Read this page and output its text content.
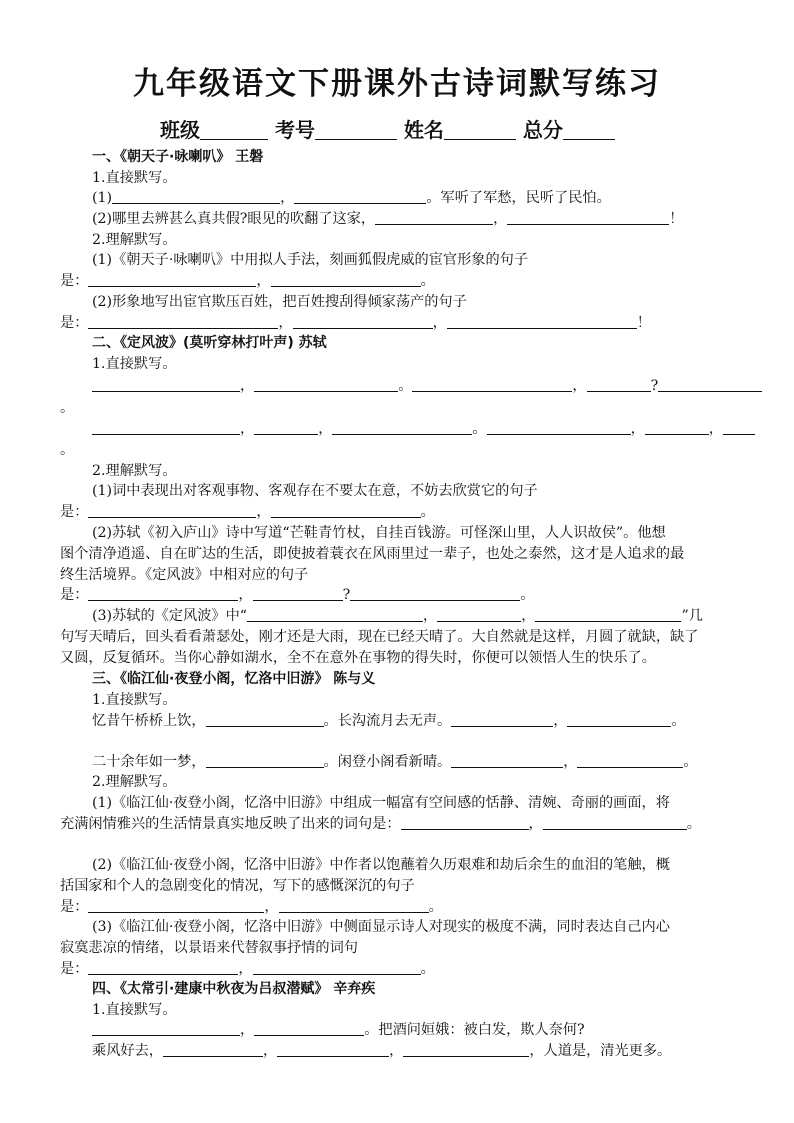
九年级语文下册课外古诗词默写练习
班级	考号	姓名	总分
一、《朝天子·咏喇叭》 王磐
1.直接默写。
(1)	，	。军听了军愁，民听了民怕。
(2)哪里去辨甚么真共假?眼见的吹翻了这家，	，	！
2.理解默写。
(1)《朝天子·咏喇叭》中用拟人手法，刻画狐假虎威的宦官形象的句子
是：	，	。
(2)形象地写出宦官欺压百姓，把百姓搜刮得倾家荡产的句子
是：	，	，	！
二、《定风波》(莫听穿林打叶声) 苏轼
1.直接默写。
，	。	，	?
。
，	，	。	，	，
。
2.理解默写。
(1)词中表现出对客观事物、客观存在不要太在意，不妨去欣赏它的句子
是：	，	。
(2)苏轼《初入庐山》诗中写道“芒鞋青竹杖，自挂百钱游。可怪深山里，人人识故侯”。他想
图个清净逍遥、自在旷达的生活，即使披着蓑衣在风雨里过一辈子，也处之泰然，这才是人追求的最
终生活境界。《定风波》中相对应的句子
是：	，	?	。
(3)苏轼的《定风波》中“	，	，	”几
句写天晴后，回头看看萧瑟处，刚才还是大雨，现在已经天晴了。大自然就是这样，月圆了就缺，缺了
又圆，反复循环。当你心静如湖水，全不在意外在事物的得失时，你便可以领悟人生的快乐了。
三、《临江仙·夜登小阁，忆洛中旧游》 陈与义
1.直接默写。
忆昔午桥桥上饮，	。长沟流月去无声。	，	。
二十余年如一梦，	。闲登小阁看新晴。	，	。
2.理解默写。
(1)《临江仙·夜登小阁，忆洛中旧游》中组成一幅富有空间感的恬静、清婉、奇丽的画面，将
充满闲情雅兴的生活情景真实地反映了出来的词句是：	，	。
(2)《临江仙·夜登小阁，忆洛中旧游》中作者以饱蘸着久历艰难和劫后余生的血泪的笔触，概
括国家和个人的急剧变化的情况，写下的感慨深沉的句子
是：	，	。
(3)《临江仙·夜登小阁，忆洛中旧游》中侧面显示诗人对现实的极度不满，同时表达自己内心
寂寞悲凉的情绪，以景语来代替叙事抒情的词句
是：	，	。
四、《太常引·建康中秋夜为吕叔潜赋》 辛弃疾
1.直接默写。
，	。把酒问姮娥：被白发，欺人奈何?
乘风好去，	，	，	，人道是，清光更多。
